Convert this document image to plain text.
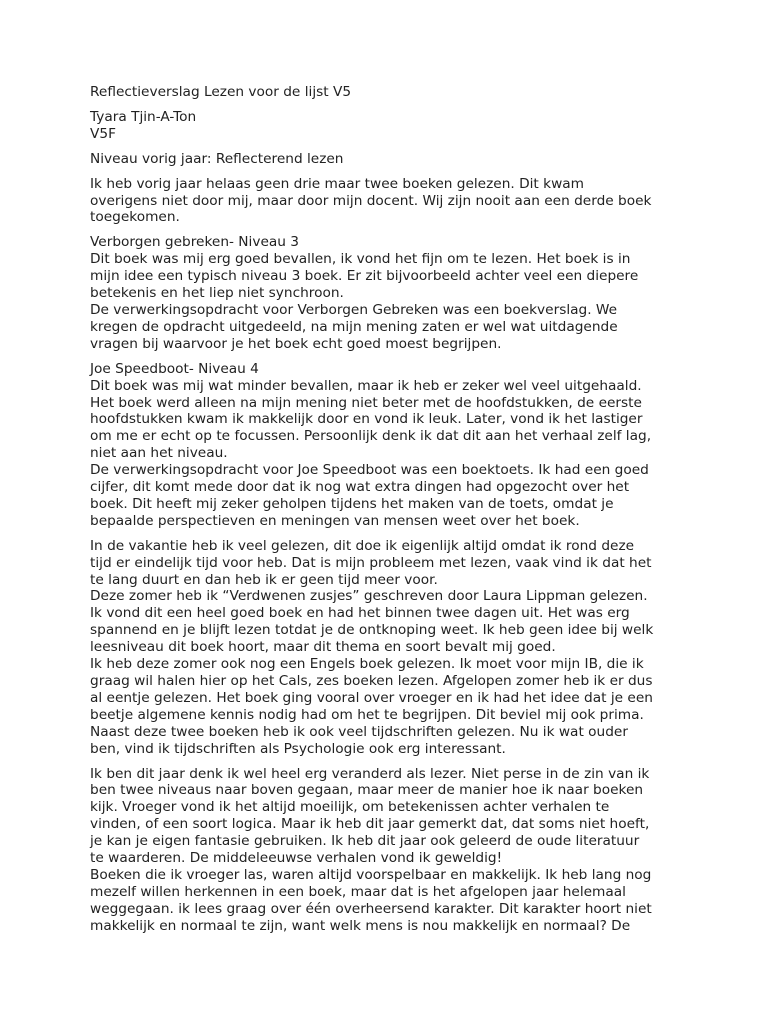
Reflectieverslag Lezen voor de lijst V5
Tyara Tjin-A-Ton
V5F
Niveau vorig jaar: Reflecterend lezen
Ik heb vorig jaar helaas geen drie maar twee boeken gelezen. Dit kwam
overigens niet door mij, maar door mijn docent. Wij zijn nooit aan een derde boek
toegekomen.
Verborgen gebreken- Niveau 3
Dit boek was mij erg goed bevallen, ik vond het fijn om te lezen. Het boek is in
mijn idee een typisch niveau 3 boek. Er zit bijvoorbeeld achter veel een diepere
betekenis en het liep niet synchroon.
De verwerkingsopdracht voor Verborgen Gebreken was een boekverslag. We
kregen de opdracht uitgedeeld, na mijn mening zaten er wel wat uitdagende
vragen bij waarvoor je het boek echt goed moest begrijpen.
Joe Speedboot- Niveau 4
Dit boek was mij wat minder bevallen, maar ik heb er zeker wel veel uitgehaald.
Het boek werd alleen na mijn mening niet beter met de hoofdstukken, de eerste
hoofdstukken kwam ik makkelijk door en vond ik leuk. Later, vond ik het lastiger
om me er echt op te focussen. Persoonlijk denk ik dat dit aan het verhaal zelf lag,
niet aan het niveau.
De verwerkingsopdracht voor Joe Speedboot was een boektoets. Ik had een goed
cijfer, dit komt mede door dat ik nog wat extra dingen had opgezocht over het
boek. Dit heeft mij zeker geholpen tijdens het maken van de toets, omdat je
bepaalde perspectieven en meningen van mensen weet over het boek.
In de vakantie heb ik veel gelezen, dit doe ik eigenlijk altijd omdat ik rond deze
tijd er eindelijk tijd voor heb. Dat is mijn probleem met lezen, vaak vind ik dat het
te lang duurt en dan heb ik er geen tijd meer voor.
Deze zomer heb ik “Verdwenen zusjes” geschreven door Laura Lippman gelezen.
Ik vond dit een heel goed boek en had het binnen twee dagen uit. Het was erg
spannend en je blijft lezen totdat je de ontknoping weet. Ik heb geen idee bij welk
leesniveau dit boek hoort, maar dit thema en soort bevalt mij goed.
Ik heb deze zomer ook nog een Engels boek gelezen. Ik moet voor mijn IB, die ik
graag wil halen hier op het Cals, zes boeken lezen. Afgelopen zomer heb ik er dus
al eentje gelezen. Het boek ging vooral over vroeger en ik had het idee dat je een
beetje algemene kennis nodig had om het te begrijpen. Dit beviel mij ook prima.
Naast deze twee boeken heb ik ook veel tijdschriften gelezen. Nu ik wat ouder
ben, vind ik tijdschriften als Psychologie ook erg interessant.
Ik ben dit jaar denk ik wel heel erg veranderd als lezer. Niet perse in de zin van ik
ben twee niveaus naar boven gegaan, maar meer de manier hoe ik naar boeken
kijk. Vroeger vond ik het altijd moeilijk, om betekenissen achter verhalen te
vinden, of een soort logica. Maar ik heb dit jaar gemerkt dat, dat soms niet hoeft,
je kan je eigen fantasie gebruiken. Ik heb dit jaar ook geleerd de oude literatuur
te waarderen. De middeleeuwse verhalen vond ik geweldig!
Boeken die ik vroeger las, waren altijd voorspelbaar en makkelijk. Ik heb lang nog
mezelf willen herkennen in een boek, maar dat is het afgelopen jaar helemaal
weggegaan. ik lees graag over één overheersend karakter. Dit karakter hoort niet
makkelijk en normaal te zijn, want welk mens is nou makkelijk en normaal? De
